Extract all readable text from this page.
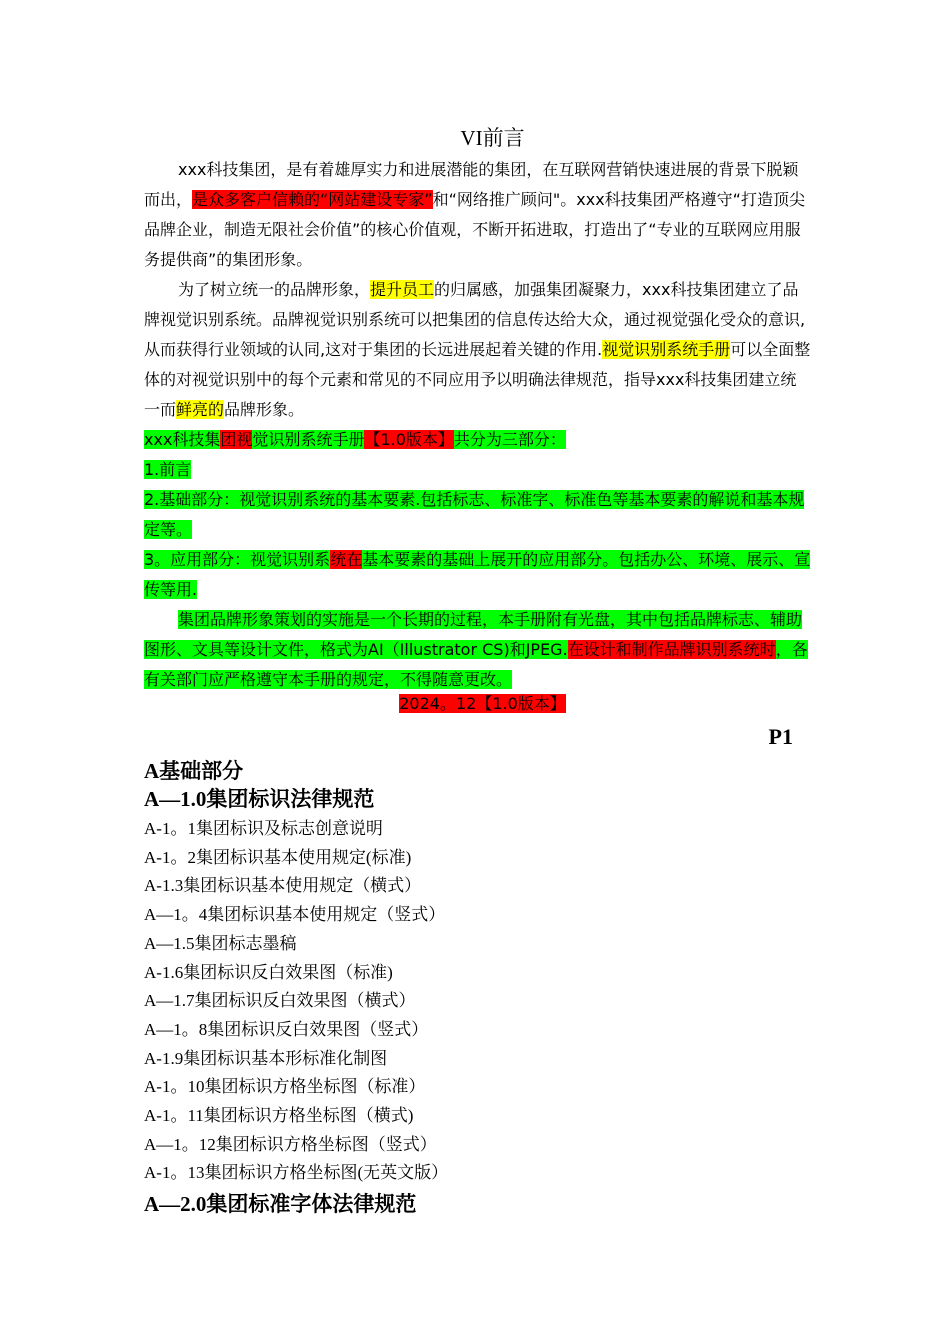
VI前言

xxx科技集团，是有着雄厚实力和进展潜能的集团，在互联网营销快速进展的背景下脱颖而出，是众多客户信赖的“网站建设专家”和“网络推广顾问"。xxx科技集团严格遵守“打造顶尖品牌企业，制造无限社会价值”的核心价值观，不断开拓进取，打造出了“专业的互联网应用服务提供商”的集团形象。

为了树立统一的品牌形象，提升员工的归属感，加强集团凝聚力，xxx科技集团建立了品牌视觉识别系统。品牌视觉识别系统可以把集团的信息传达给大众，通过视觉强化受众的意识,从而获得行业领域的认同,这对于集团的长远进展起着关键的作用.视觉识别系统手册可以全面整体的对视觉识别中的每个元素和常见的不同应用予以明确法律规范，指导xxx科技集团建立统一而鲜亮的品牌形象。

xxx科技集团视觉识别系统手册【1.0版本】共分为三部分：

1.前言

2.基础部分：视觉识别系统的基本要素.包括标志、标准字、标准色等基本要素的解说和基本规定等。

3。应用部分：视觉识别系统在基本要素的基础上展开的应用部分。包括办公、环境、展示、宣传等用.

集团品牌形象策划的实施是一个长期的过程，本手册附有光盘，其中包括品牌标志、辅助图形、文具等设计文件，格式为AI（Illustrator CS)和JPEG.在设计和制作品牌识别系统时，各有关部门应严格遵守本手册的规定，不得随意更改。

2024。12【1.0版本】
P1

A基础部分

A—1.0集团标识法律规范

A-1。1集团标识及标志创意说明
A-1。2集团标识基本使用规定(标准)
A-1.3集团标识基本使用规定（横式）
A—1。4集团标识基本使用规定（竖式）
A—1.5集团标志墨稿
A-1.6集团标识反白效果图（标准)
A—1.7集团标识反白效果图（横式）
A—1。8集团标识反白效果图（竖式）
A-1.9集团标识基本形标准化制图
A-1。10集团标识方格坐标图（标准）
A-1。11集团标识方格坐标图（横式)
A—1。12集团标识方格坐标图（竖式）
A-1。13集团标识方格坐标图(无英文版）

A—2.0集团标准字体法律规范
